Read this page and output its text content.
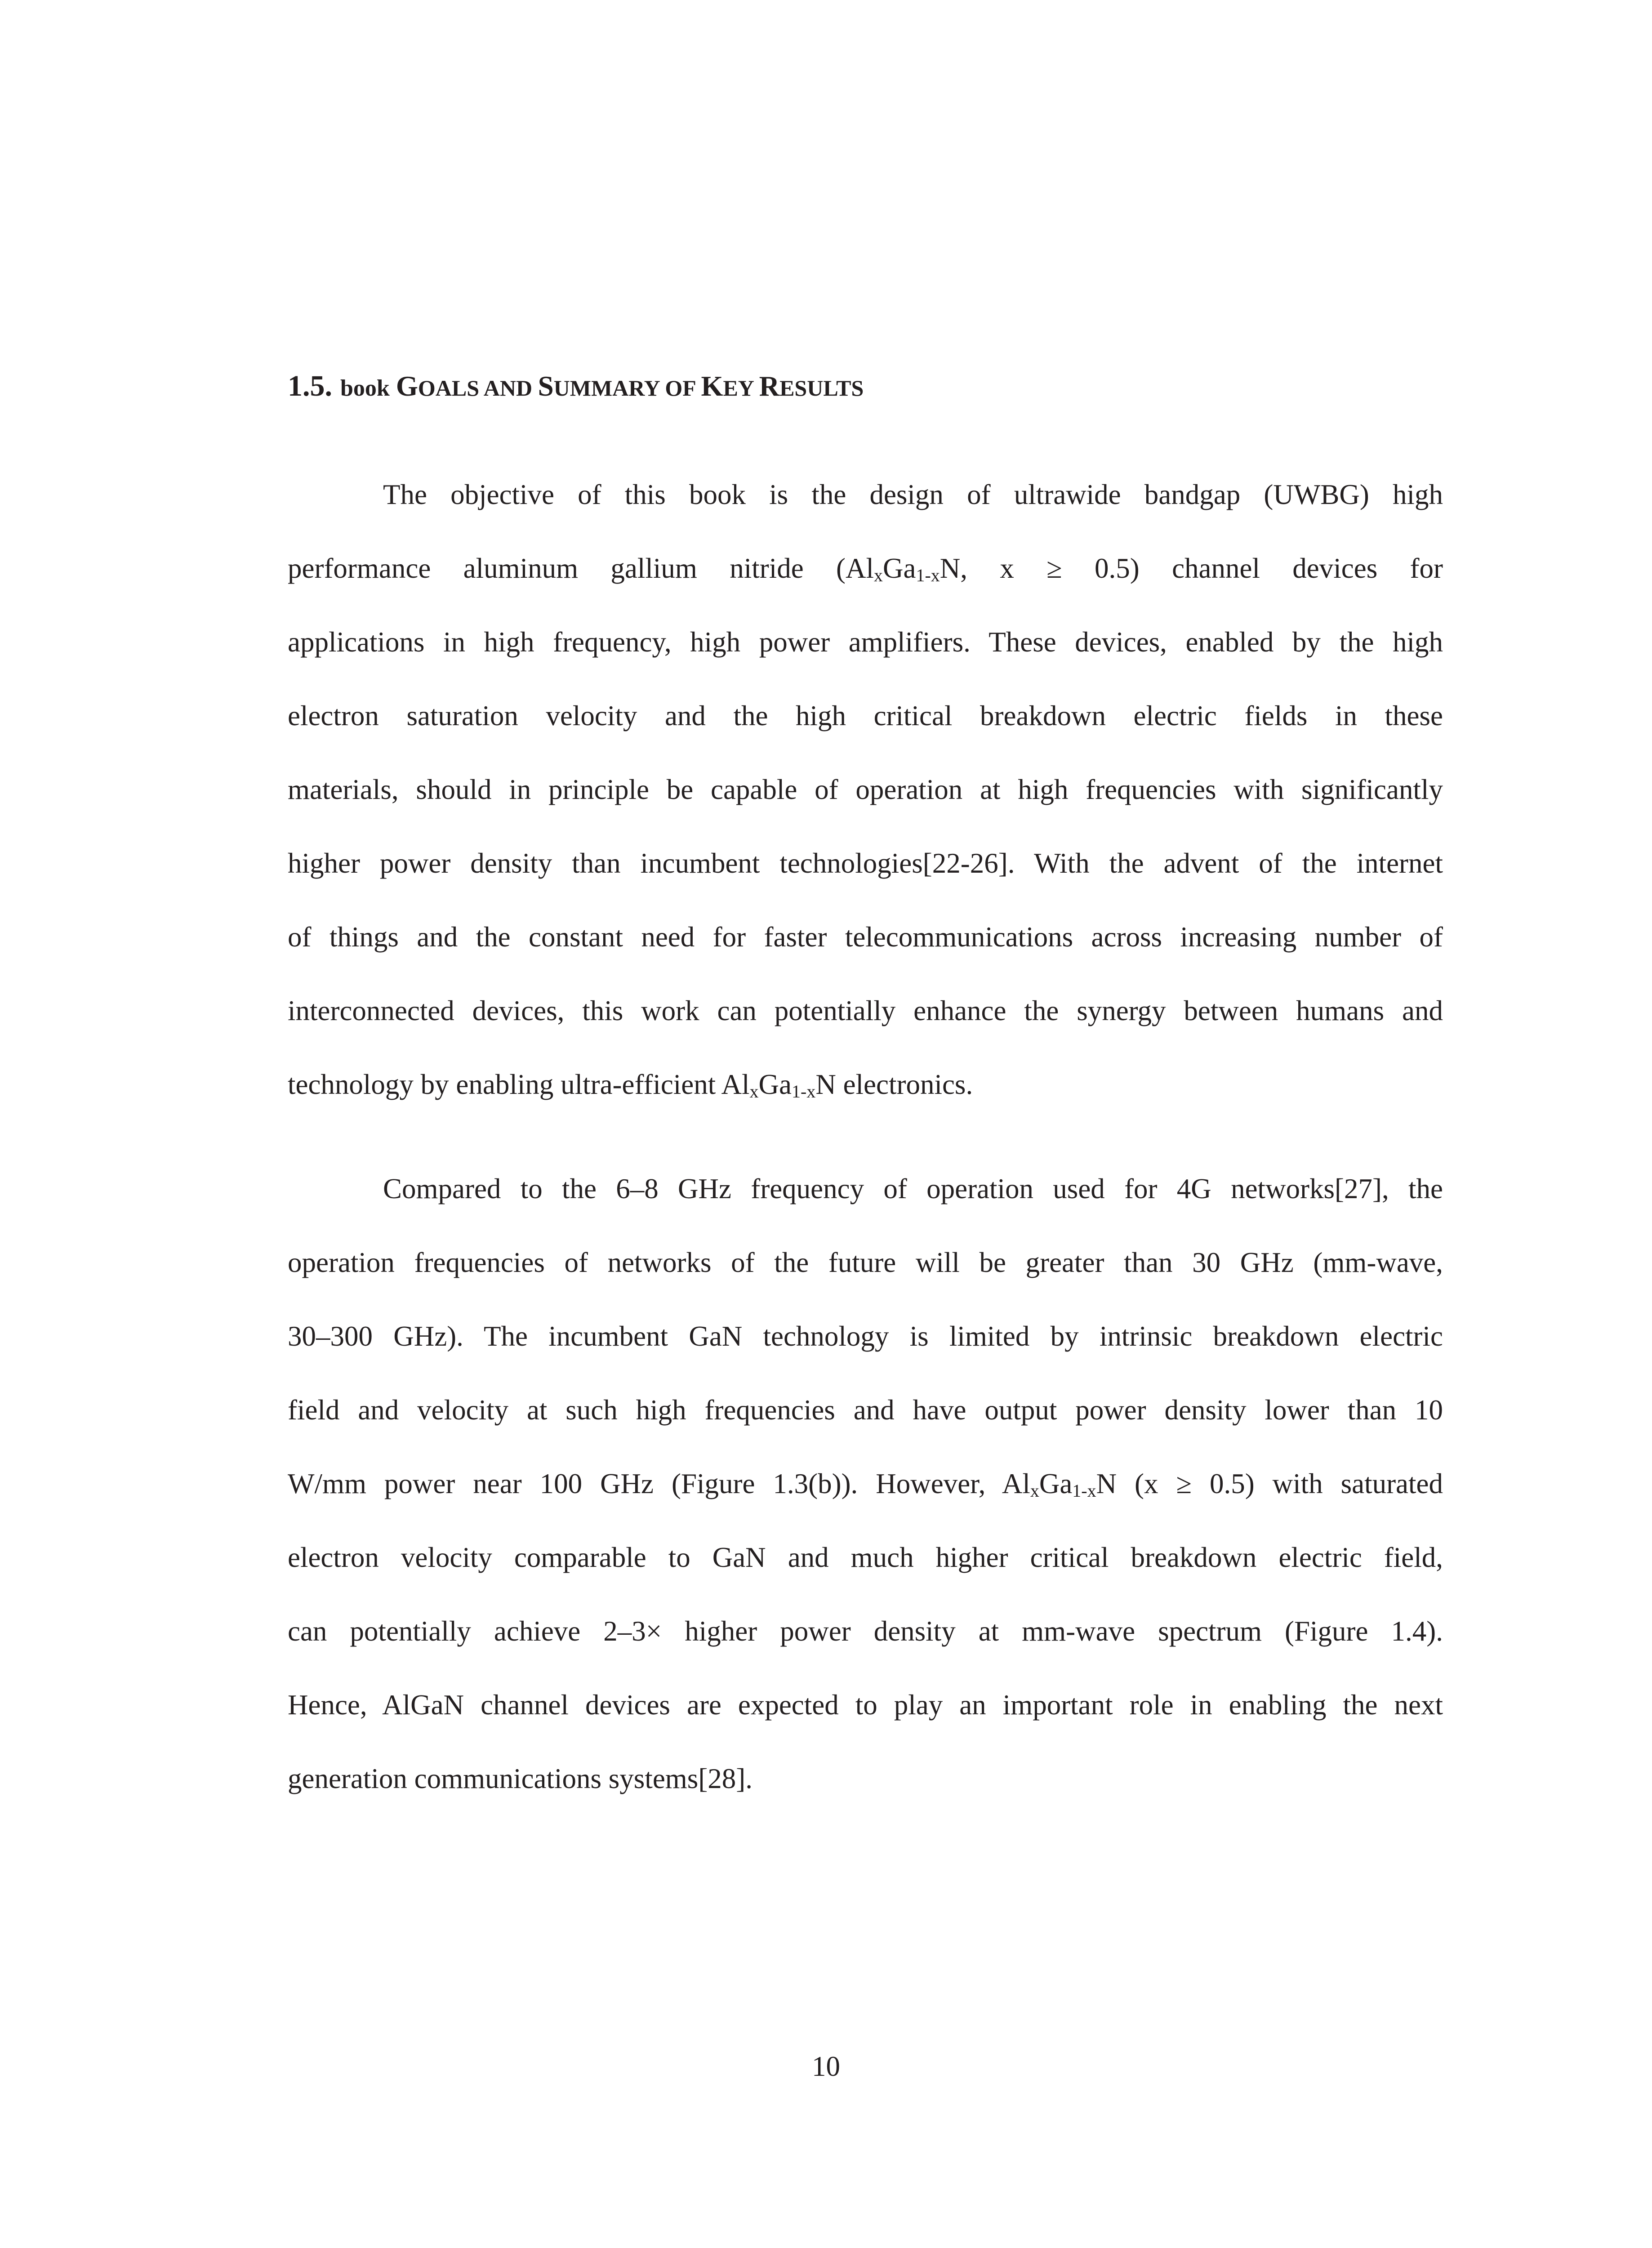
1.5. book GOALS AND SUMMARY OF KEY RESULTS
The objective of this book is the design of ultrawide bandgap (UWBG) high
performance aluminum gallium nitride ($Al_xGa_{1-x}N$, x ≥ 0.5) channel devices for
applications in high frequency, high power amplifiers. These devices, enabled by the high
electron saturation velocity and the high critical breakdown electric fields in these
materials, should in principle be capable of operation at high frequencies with significantly
higher power density than incumbent technologies[22-26]. With the advent of the internet
of things and the constant need for faster telecommunications across increasing number of
interconnected devices, this work can potentially enhance the synergy between humans and
technology by enabling ultra-efficient $Al_xGa_{1-x}N$ electronics.
Compared to the 6–8 GHz frequency of operation used for 4G networks[27], the
operation frequencies of networks of the future will be greater than 30 GHz (mm-wave,
30–300 GHz). The incumbent GaN technology is limited by intrinsic breakdown electric
field and velocity at such high frequencies and have output power density lower than 10
W/mm power near 100 GHz (Figure 1.3(b)). However, $Al_xGa_{1-x}N$ (x ≥ 0.5) with saturated
electron velocity comparable to GaN and much higher critical breakdown electric field,
can potentially achieve 2–3× higher power density at mm-wave spectrum (Figure 1.4).
Hence, AlGaN channel devices are expected to play an important role in enabling the next
generation communications systems[28].
10
